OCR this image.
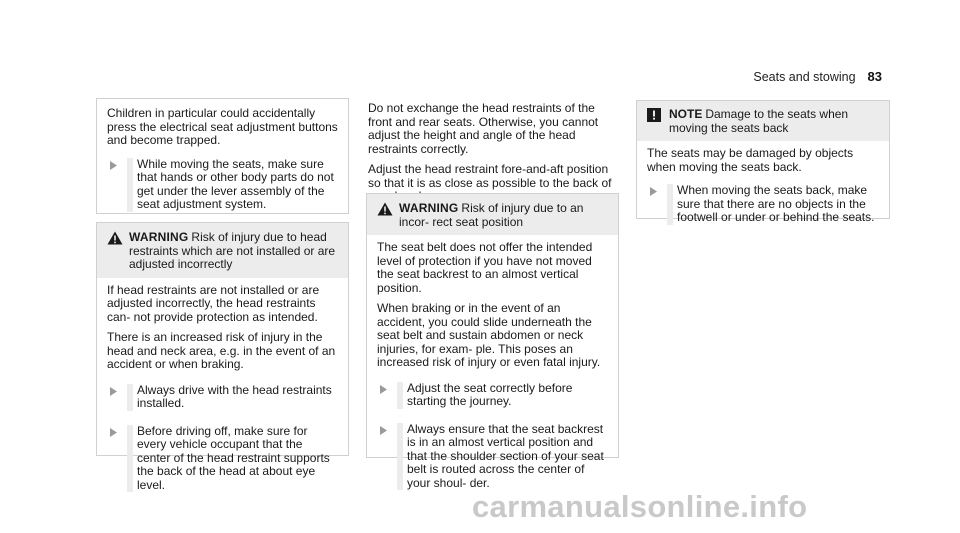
Seats and stowing 83

Children in particular could accidentally press the electrical seat adjustment buttons and become trapped.

While moving the seats, make sure that hands or other body parts do not get under the lever assembly of the seat adjustment system.
WARNING Risk of injury due to head restraints which are not installed or are adjusted incorrectly

If head restraints are not installed or are adjusted incorrectly, the head restraints can- not provide protection as intended.

There is an increased risk of injury in the head and neck area, e.g. in the event of an accident or when braking.

Always drive with the head restraints installed.
Before driving off, make sure for every vehicle occupant that the center of the head restraint supports the back of the head at about eye level.

Do not exchange the head restraints of the front and rear seats. Otherwise, you cannot adjust the height and angle of the head restraints correctly.

Adjust the head restraint fore-and-aft position so that it is as close as possible to the back of

WARNING Risk of injury due to an incor- rect seat position

The seat belt does not offer the intended level of protection if you have not moved the seat backrest to an almost vertical position.

When braking or in the event of an accident, you could slide underneath the seat belt and sustain abdomen or neck injuries, for exam- ple. This poses an increased risk of injury or even fatal injury.

Adjust the seat correctly before starting the journey.
Always ensure that the seat backrest is in an almost vertical position and that the shoulder section of your seat belt is routed across the center of your shoul- der.
NOTE Damage to the seats when moving the seats back

The seats may be damaged by objects when moving the seats back.

When moving the seats back, make sure that there are no objects in the footwell or under or behind the seats.
carmanualsonline.info
